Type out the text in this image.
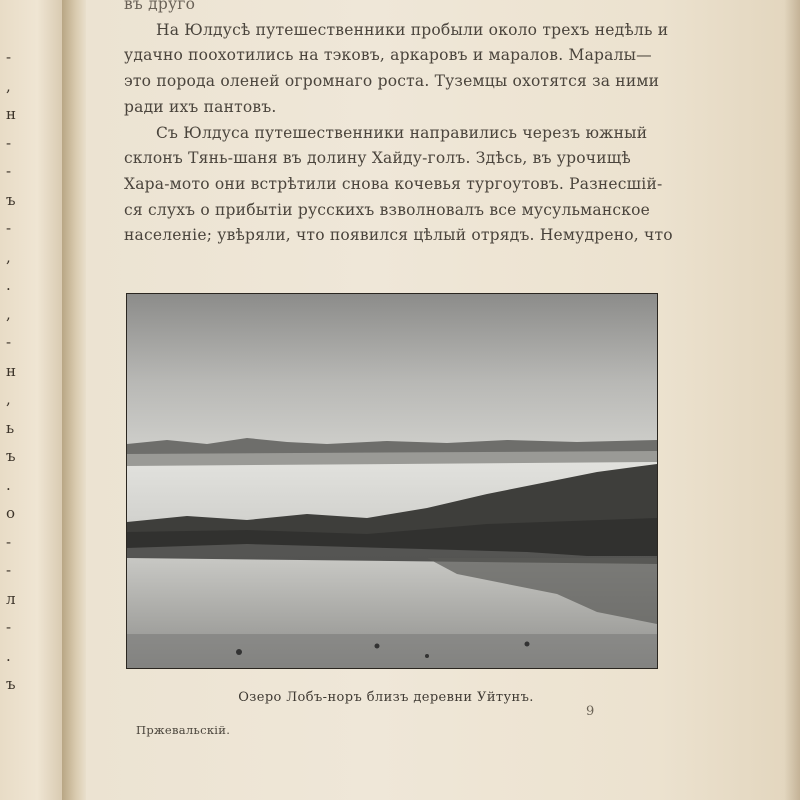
-
,
н
-
-
ъ
-
,
.
,
-
н
,
ь
ъ
.
о
-
-
л
-
.
ъ
въ друго

На Юлдусѣ путешественники пробыли около трехъ недѣль и
удачно поохотились на тэковъ, аркаровъ и маралов. Маралы—
это порода оленей огромнаго роста. Туземцы охотятся за ними
ради ихъ пантовъ.

Съ Юлдуса путешественники направились черезъ южный
склонъ Тянь-шаня въ долину Хайду-голъ. Здѣсь, въ урочищѣ
Хара-мото они встрѣтили снова кочевья тургоутовъ. Разнесшій-
ся слухъ о прибытіи русскихъ взволновалъ все мусульманское
населеніе; увѣряли, что появился цѣлый отрядъ. Немудрено, что

Озеро Лобъ-норъ близъ деревни Уйтунъ.
9
Пржевальскій.
